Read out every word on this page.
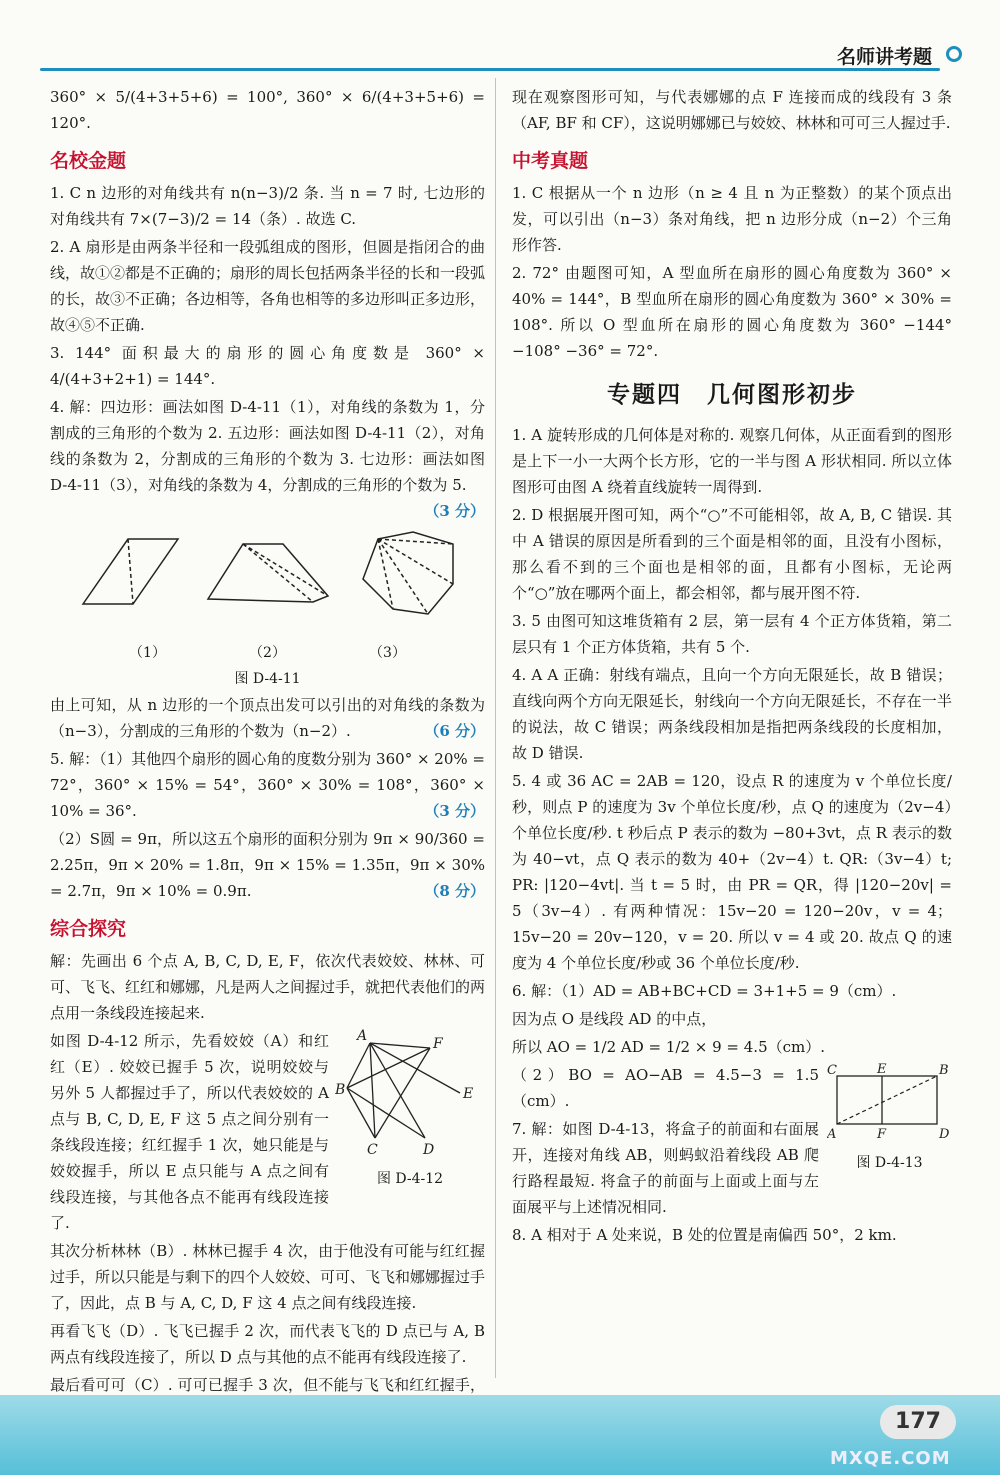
名师讲考题

360° × 5/(4+3+5+6) = 100°, 360° × 6/(4+3+5+6) = 120°.

名校金题

1. C n 边形的对角线共有 n(n−3)/2 条. 当 n = 7 时, 七边形的对角线共有 7×(7−3)/2 = 14（条）. 故选 C.

2. A 扇形是由两条半径和一段弧组成的图形，但圆是指闭合的曲线，故①②都是不正确的；扇形的周长包括两条半径的长和一段弧的长，故③不正确；各边相等，各角也相等的多边形叫正多边形，故④⑤不正确.

3. 144° 面积最大的扇形的圆心角度数是 360° × 4/(4+3+2+1) = 144°.

4. 解：四边形：画法如图 D-4-11（1），对角线的条数为 1，分割成的三角形的个数为 2. 五边形：画法如图 D-4-11（2），对角线的条数为 2，分割成的三角形的个数为 3. 七边形：画法如图 D-4-11（3），对角线的条数为 4，分割成的三角形的个数为 5.
（3 分）

（1）	（2）	（3）

图 D-4-11

由上可知，从 n 边形的一个顶点出发可以引出的对角线的条数为（n−3），分割成的三角形的个数为（n−2）.	（6 分）

5. 解：（1）其他四个扇形的圆心角的度数分别为 360° × 20% = 72°，360° × 15% = 54°，360° × 30% = 108°，360° × 10% = 36°.	（3 分）

（2）S圆 = 9π，所以这五个扇形的面积分别为 9π × 90/360 = 2.25π，9π × 20% = 1.8π，9π × 15% = 1.35π，9π × 30% = 2.7π，9π × 10% = 0.9π.	（8 分）

综合探究

解：先画出 6 个点 A, B, C, D, E, F，依次代表姣姣、林林、可可、飞飞、红红和娜娜，凡是两人之间握过手，就把代表他们的两点用一条线段连接起来.

如图 D-4-12 所示，先看姣姣（A）和红红（E）. 姣姣已握手 5 次，说明姣姣与另外 5 人都握过手了，所以代表姣姣的 A 点与 B, C, D, E, F 这 5 点之间分别有一条线段连接；红红握手 1 次，她只能是与姣姣握手，所以 E 点只能与 A 点之间有线段连接，与其他各点不能再有线段连接了.

A	F
B	E
C	D

图 D-4-12

其次分析林林（B）. 林林已握手 4 次，由于他没有可能与红红握过手，所以只能是与剩下的四个人姣姣、可可、飞飞和娜娜握过手了，因此，点 B 与 A, C, D, F 这 4 点之间有线段连接.

再看飞飞（D）. 飞飞已握手 2 次，而代表飞飞的 D 点已与 A, B 两点有线段连接了，所以 D 点与其他的点不能再有线段连接了.

最后看可可（C）. 可可已握手 3 次，但不能与飞飞和红红握手，

现在观察图形可知，与代表娜娜的点 F 连接而成的线段有 3 条（AF, BF 和 CF），这说明娜娜已与姣姣、林林和可可三人握过手.

中考真题

1. C 根据从一个 n 边形（n ≥ 4 且 n 为正整数）的某个顶点出发，可以引出（n−3）条对角线，把 n 边形分成（n−2）个三角形作答.

2. 72° 由题图可知，A 型血所在扇形的圆心角度数为 360° × 40% = 144°，B 型血所在扇形的圆心角度数为 360° × 30% = 108°. 所以 O 型血所在扇形的圆心角度数为 360° −144° −108° −36° = 72°.

专题四　几何图形初步

1. A 旋转形成的几何体是对称的. 观察几何体，从正面看到的图形是上下一小一大两个长方形，它的一半与图 A 形状相同. 所以立体图形可由图 A 绕着直线旋转一周得到.

2. D 根据展开图可知，两个“○”不可能相邻，故 A, B, C 错误. 其中 A 错误的原因是所看到的三个面是相邻的面，且没有小图标，那么看不到的三个面也是相邻的面，且都有小图标，无论两个“○”放在哪两个面上，都会相邻，都与展开图不符.

3. 5 由图可知这堆货箱有 2 层，第一层有 4 个正方体货箱，第二层只有 1 个正方体货箱，共有 5 个.

4. A A 正确：射线有端点，且向一个方向无限延长，故 B 错误；直线向两个方向无限延长，射线向一个方向无限延长，不存在一半的说法，故 C 错误；两条线段相加是指把两条线段的长度相加，故 D 错误.

5. 4 或 36 AC = 2AB = 120，设点 R 的速度为 v 个单位长度/秒，则点 P 的速度为 3v 个单位长度/秒，点 Q 的速度为（2v−4）个单位长度/秒. t 秒后点 P 表示的数为 −80+3vt，点 R 表示的数为 40−vt，点 Q 表示的数为 40+（2v−4）t. QR:（3v−4）t; PR: |120−4vt|. 当 t = 5 时，由 PR = QR，得 |120−20v| = 5（3v−4）. 有两种情况：15v−20 = 120−20v，v = 4；15v−20 = 20v−120，v = 20. 所以 v = 4 或 20. 故点 Q 的速度为 4 个单位长度/秒或 36 个单位长度/秒.

6. 解：（1）AD = AB+BC+CD = 3+1+5 = 9（cm）.

因为点 O 是线段 AD 的中点，

所以 AO = 1/2 AD = 1/2 × 9 = 4.5（cm）.

（2）BO = AO−AB = 4.5−3 = 1.5（cm）.

7. 解：如图 D-4-13，将盒子的前面和右面展开，连接对角线 AB，则蚂蚁沿着线段 AB 爬行路程最短. 将盒子的前面与上面或上面与左面展平与上述情况相同.

C	E	B
A	F	D

图 D-4-13

8. A 相对于 A 处来说，B 处的位置是南偏西 50°，2 km.

177
MXQE.COM
